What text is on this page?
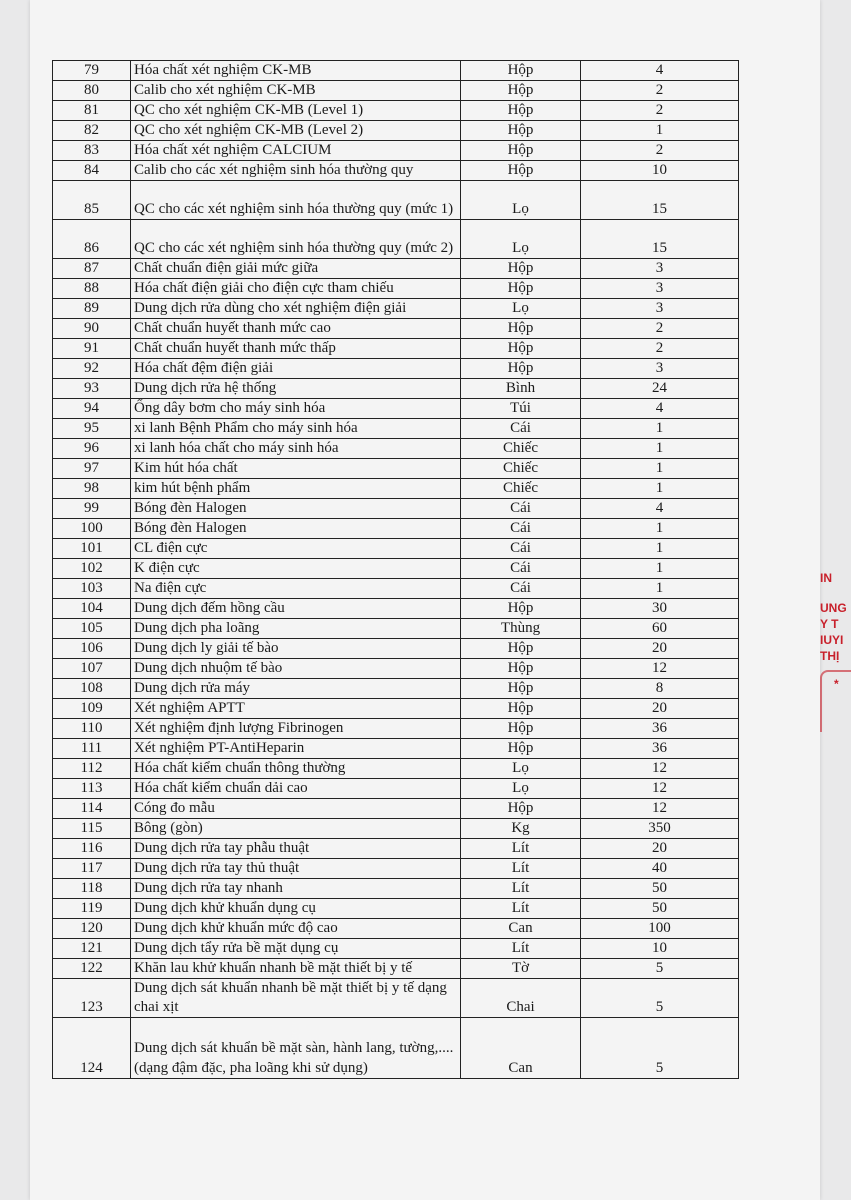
79	Hóa chất xét nghiệm CK-MB	Hộp	4
80	Calib cho xét nghiệm CK-MB	Hộp	2
81	QC cho xét nghiệm CK-MB (Level 1)	Hộp	2
82	QC cho xét nghiệm CK-MB (Level 2)	Hộp	1
83	Hóa chất xét nghiệm CALCIUM	Hộp	2
84	Calib cho các xét nghiệm sinh hóa thường quy	Hộp	10
85	QC cho các xét nghiệm sinh hóa thường quy (mức 1)	Lọ	15
86	QC cho các xét nghiệm sinh hóa thường quy (mức 2)	Lọ	15
87	Chất chuẩn điện giải mức giữa	Hộp	3
88	Hóa chất điện giải cho điện cực tham chiếu	Hộp	3
89	Dung dịch rửa dùng cho xét nghiệm điện giải	Lọ	3
90	Chất chuẩn huyết thanh mức cao	Hộp	2
91	Chất chuẩn huyết thanh mức thấp	Hộp	2
92	Hóa chất đệm điện giải	Hộp	3
93	Dung dịch rửa hệ thống	Bình	24
94	Ống dây bơm cho máy sinh hóa	Túi	4
95	xi lanh Bệnh Phẩm cho máy sinh hóa	Cái	1
96	xi lanh hóa chất cho máy sinh hóa	Chiếc	1
97	Kim hút hóa chất	Chiếc	1
98	kim hút bệnh phẩm	Chiếc	1
99	Bóng đèn Halogen	Cái	4
100	Bóng đèn Halogen	Cái	1
101	CL điện cực	Cái	1
102	K điện cực	Cái	1
103	Na điện cực	Cái	1
104	Dung dịch đếm hồng cầu	Hộp	30
105	Dung dịch pha loãng	Thùng	60
106	Dung dịch ly giải tế bào	Hộp	20
107	Dung dịch nhuộm tế bào	Hộp	12
108	Dung dịch rửa máy	Hộp	8
109	Xét nghiệm APTT	Hộp	20
110	Xét nghiệm định lượng Fibrinogen	Hộp	36
111	Xét nghiệm PT-AntiHeparin	Hộp	36
112	Hóa chất kiểm chuẩn thông thường	Lọ	12
113	Hóa chất kiểm chuẩn dải cao	Lọ	12
114	Cóng đo mẫu	Hộp	12
115	Bông (gòn)	Kg	350
116	Dung dịch rửa tay phẫu thuật	Lít	20
117	Dung dịch rửa tay thủ thuật	Lít	40
118	Dung dịch rửa tay nhanh	Lít	50
119	Dung dịch khử khuẩn dụng cụ	Lít	50
120	Dung dịch khử khuẩn mức độ cao	Can	100
121	Dung dịch tẩy rửa bề mặt dụng cụ	Lít	10
122	Khăn lau khử khuẩn nhanh bề mặt thiết bị y tế	Tờ	5
123	Dung dịch sát khuẩn nhanh bề mặt thiết bị y tế dạng chai xịt	Chai	5
124	Dung dịch sát khuẩn bề mặt sàn, hành lang, tường,....(dạng đậm đặc, pha loãng khi sử dụng)	Can	5
IN
UNG
Y T
IUYI
THỊ
*
